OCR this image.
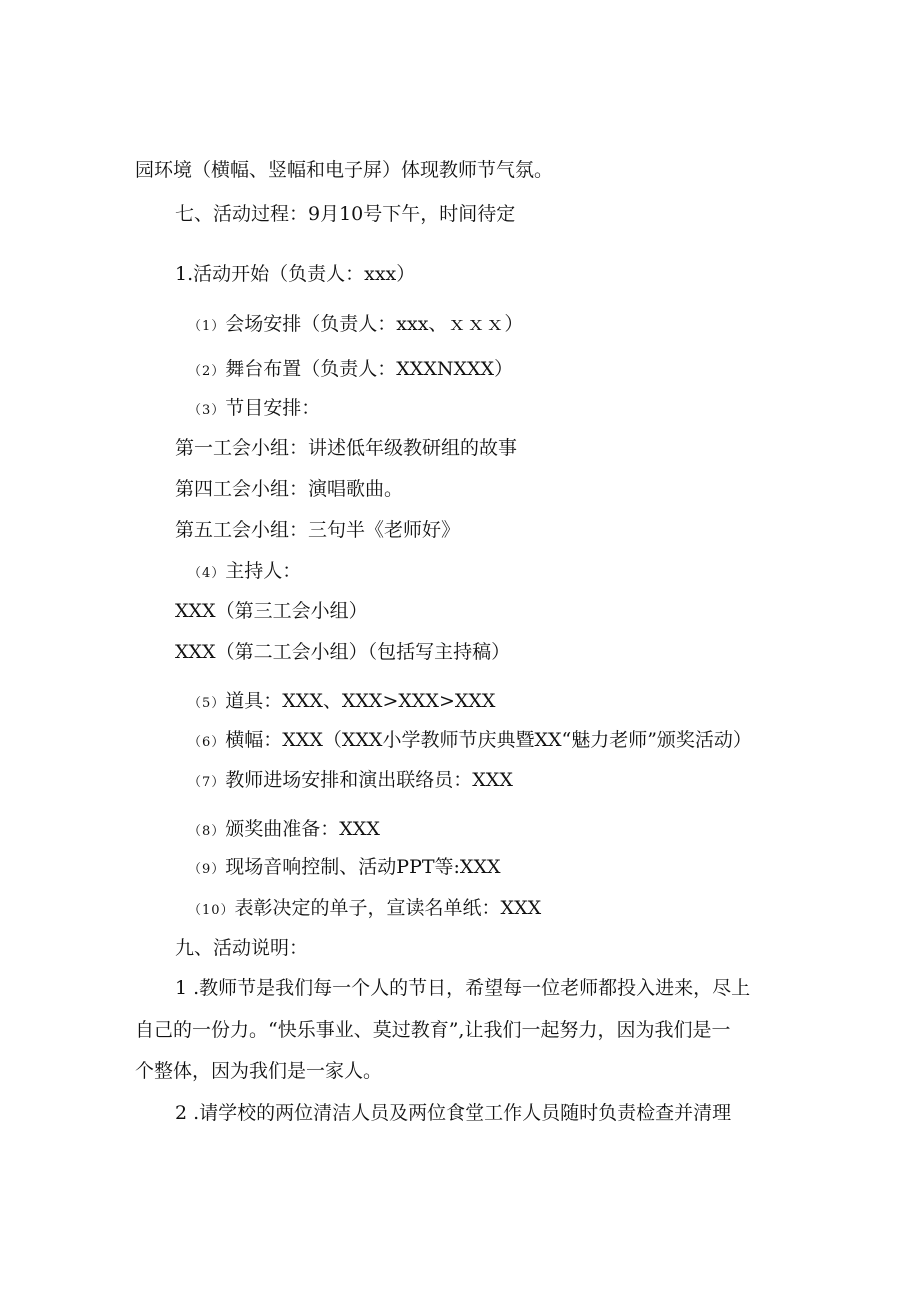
园环境（横幅、竖幅和电子屏）体现教师节气氛。
七、活动过程：9月10号下午，时间待定
1.活动开始（负责人：xxx）
（1）会场安排（负责人：xxx、ｘｘｘ）
（2）舞台布置（负责人：XXXNXXX）
（3）节目安排：
第一工会小组：讲述低年级教研组的故事
第四工会小组：演唱歌曲。
第五工会小组：三句半《老师好》
（4）主持人：
XXX（第三工会小组）
XXX（第二工会小组）（包括写主持稿）
（5）道具：XXX、XXX>XXX>XXX
（6）横幅：XXX（XXX小学教师节庆典暨XX“魅力老师”颁奖活动）
（7）教师进场安排和演出联络员：XXX
（8）颁奖曲准备：XXX
（9）现场音响控制、活动PPT等:XXX
（10）表彰决定的单子，宣读名单纸：XXX
九、活动说明：
1 .教师节是我们每一个人的节日，希望每一位老师都投入进来，尽上
自己的一份力。“快乐事业、莫过教育”,让我们一起努力，因为我们是一
个整体，因为我们是一家人。
2 .请学校的两位清洁人员及两位食堂工作人员随时负责检查并清理
